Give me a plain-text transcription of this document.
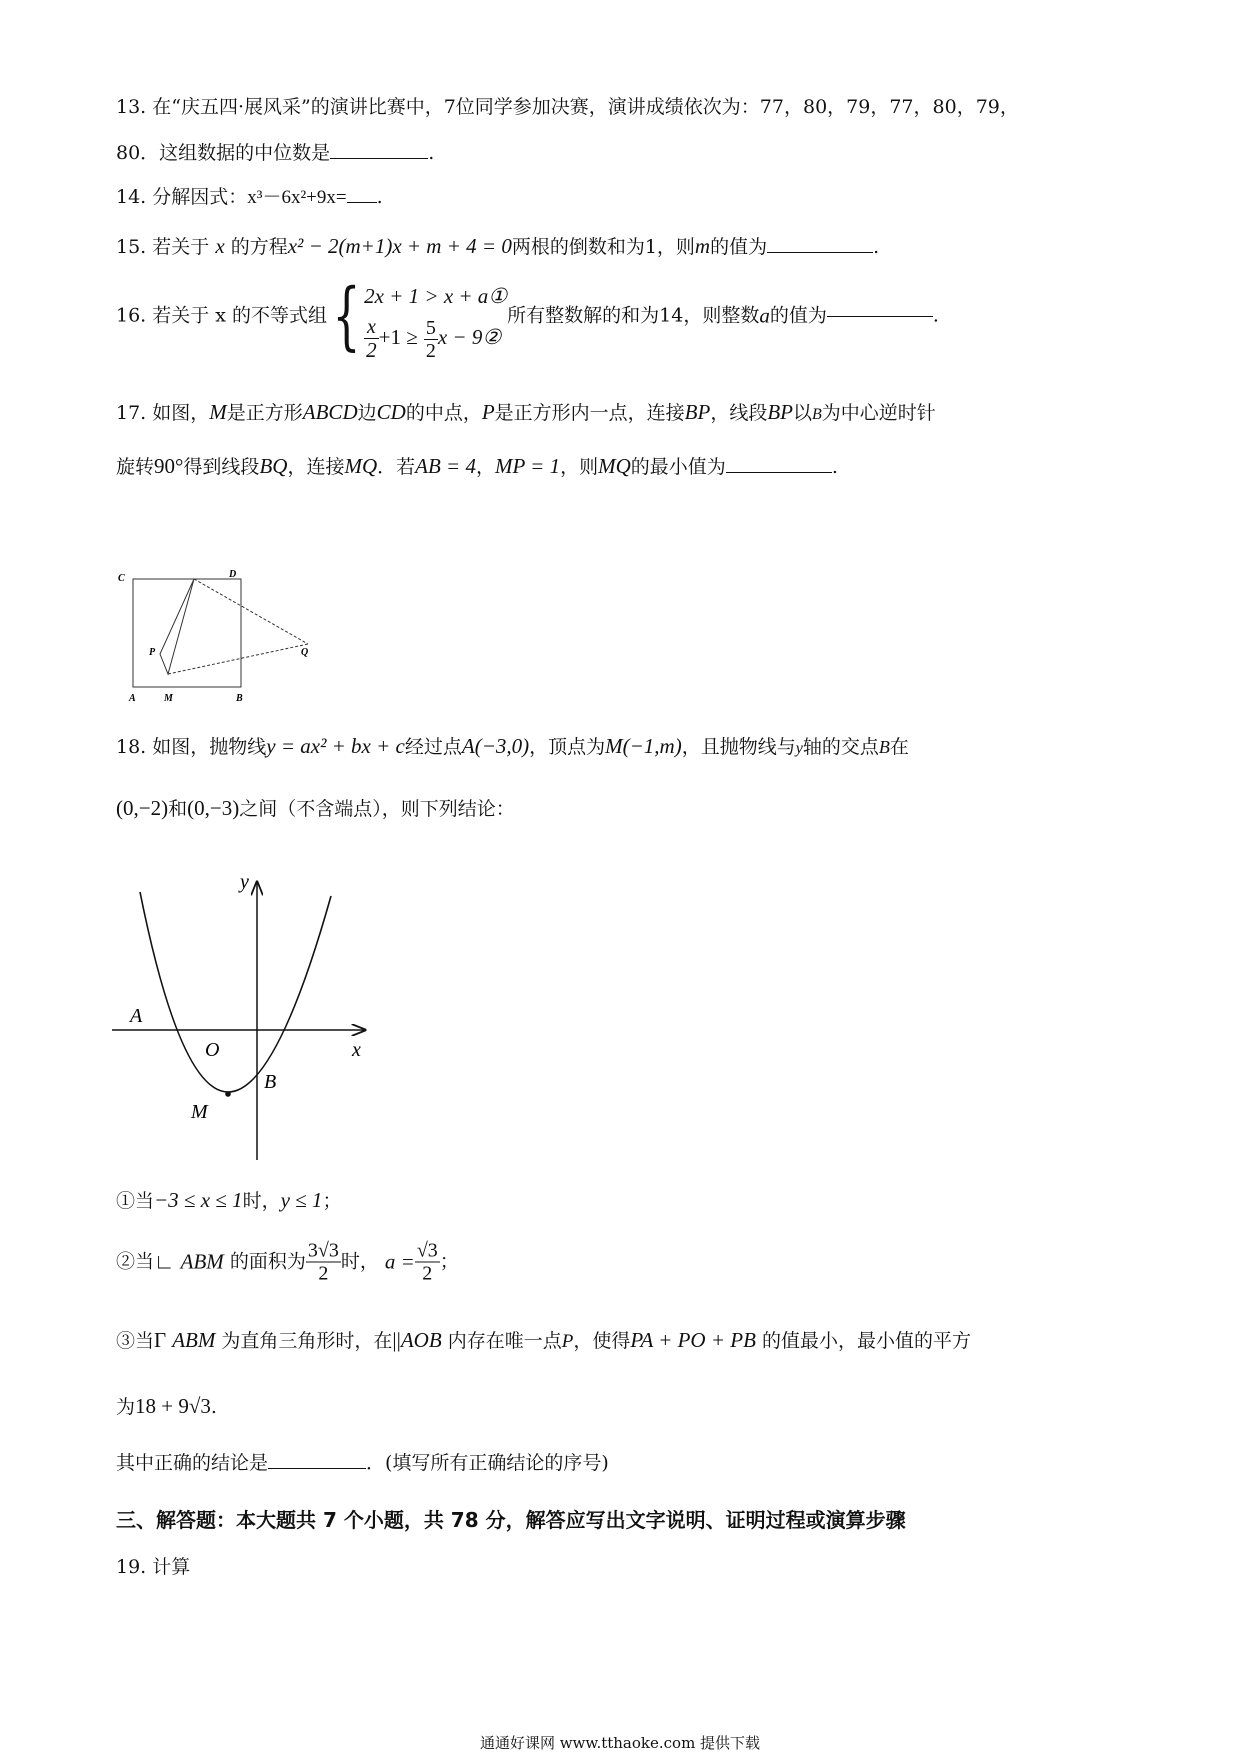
13. 在“庆五四·展风采”的演讲比赛中，7位同学参加决赛，演讲成绩依次为：77，80，79，77，80，79，
80．这组数据的中位数是	.
14. 分解因式：x³－6x²+9x= .
15. 若关于 x 的方程x² − 2(m+1)x + m + 4 = 0两根的倒数和为1，则m的值为	.
16. 若关于 x 的不等式组{ 2x + 1 > x + a①
$\frac{x}{2} +1 \ge \frac{5}{2}$ x − 9②
所有整数解的和为14，则整数a的值为	.
17. 如图，M是正方形ABCD边CD的中点，P是正方形内一点，连接BP，线段BP以B为中心逆时针
旋转90°得到线段BQ，连接MQ．若AB = 4，MP = 1，则MQ的最小值为	.
C	D
P	Q
A	M	B
18. 如图，抛物线y = ax² + bx + c经过点A(−3,0)，顶点为M(−1,m)，且抛物线与y轴的交点B在
(0,−2)和(0,−3)之间（不含端点），则下列结论：
y
x
A
O
B
M
①当−3 ≤ x ≤ 1时，y ≤ 1；
②当∟ ABM 的面积为 $\frac{3√3}{2}$ 时， $a = \frac{√3}{2}$ ；
③当Γ ABM 为直角三角形时，在||AOB 内存在唯一点P，使得PA + PO + PB 的值最小，最小值的平方
为18 + 9√3.
其中正确的结论是	．(填写所有正确结论的序号)
三、解答题：本大题共 7 个小题，共 78 分，解答应写出文字说明、证明过程或演算步骤
19. 计算
通通好课网 www.tthaoke.com 提供下载
